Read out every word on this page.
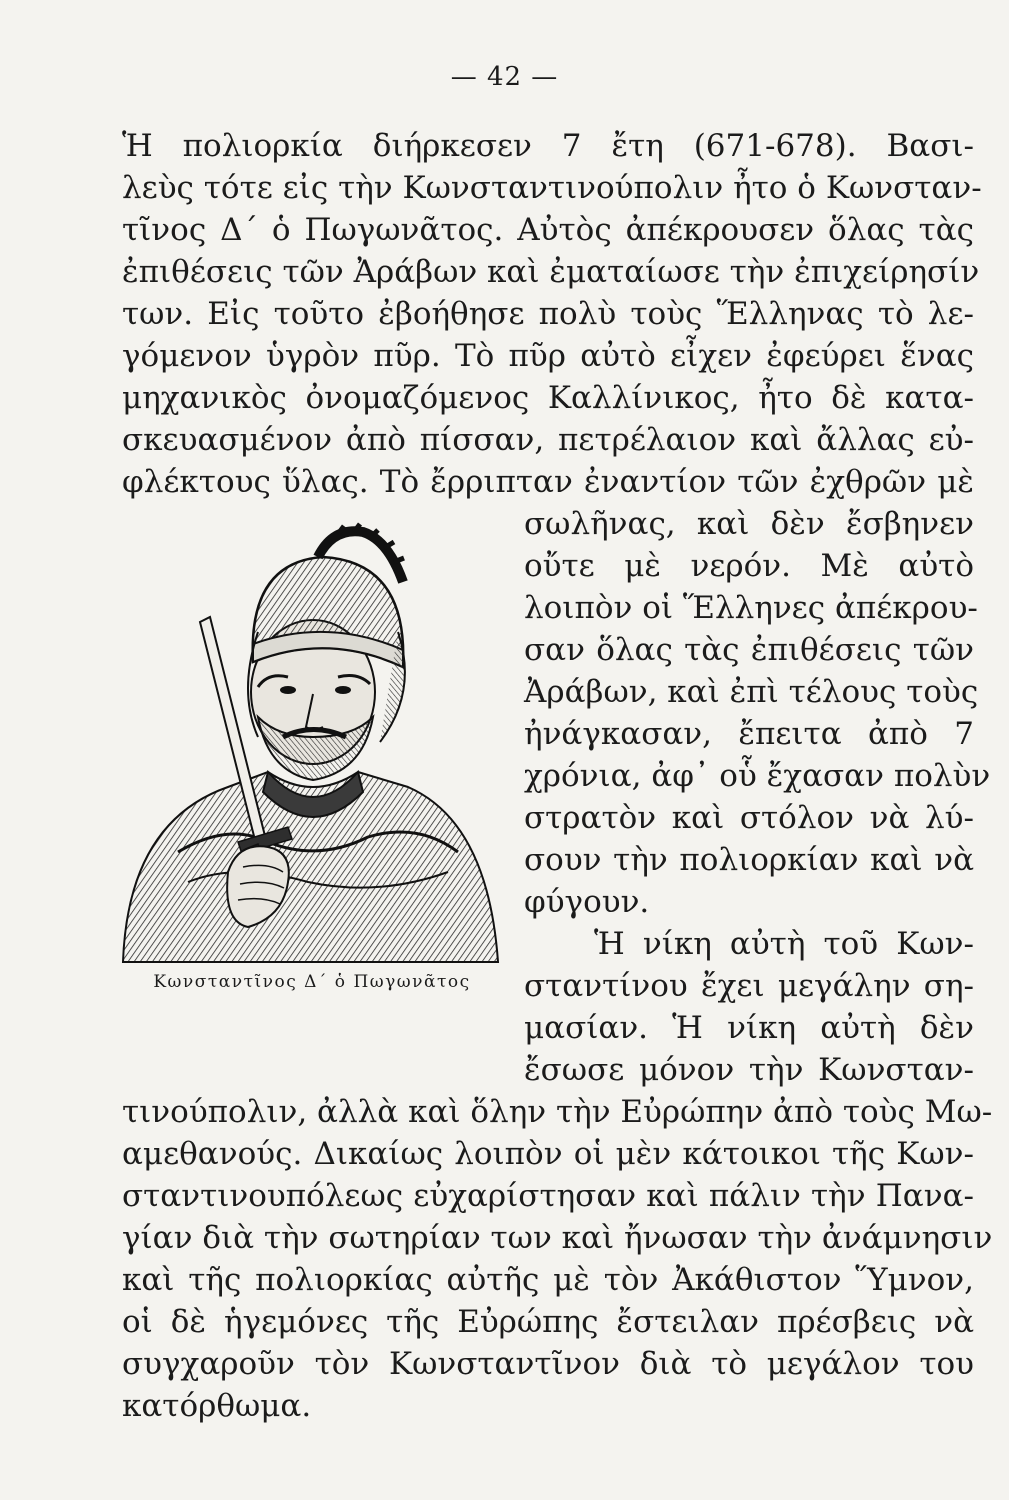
— 42 —
Ἡ πολιορκία διήρκεσεν 7 ἔτη (671-678). Βασι-
λεὺς τότε εἰς τὴν Κωνσταντινούπολιν ἦτο ὁ Κωνσταν-
τῖνος Δ΄ ὁ Πωγωνᾶτος. Αὐτὸς ἀπέκρουσεν ὅλας τὰς
ἐπιθέσεις τῶν Ἀράβων καὶ ἐματαίωσε τὴν ἐπιχείρησίν
των. Εἰς τοῦτο ἐβοήθησε πολὺ τοὺς Ἕλληνας τὸ λε-
γόμενον ὑγρὸν πῦρ. Τὸ πῦρ αὐτὸ εἶχεν ἐφεύρει ἕνας
μηχανικὸς ὀνομαζόμενος Καλλίνικος, ἦτο δὲ κατα-
σκευασμένον ἀπὸ πίσσαν, πετρέλαιον καὶ ἄλλας εὐ-
φλέκτους ὕλας. Τὸ ἔρριπταν ἐναντίον τῶν ἐχθρῶν μὲ
σωλῆνας, καὶ δὲν ἔσβηνεν
οὔτε μὲ νερόν. Μὲ αὐτὸ
λοιπὸν οἱ Ἕλληνες ἀπέκρου-
σαν ὅλας τὰς ἐπιθέσεις τῶν
Ἀράβων, καὶ ἐπὶ τέλους τοὺς
ἠνάγκασαν, ἔπειτα ἀπὸ 7
χρόνια, ἀφ᾽ οὗ ἔχασαν πολὺν
στρατὸν καὶ στόλον νὰ λύ-
σουν τὴν πολιορκίαν καὶ νὰ
φύγουν.
Ἡ νίκη αὐτὴ τοῦ Κων-
σταντίνου ἔχει μεγάλην ση-
μασίαν. Ἡ νίκη αὐτὴ δὲν
ἔσωσε μόνον τὴν Κωνσταν-
τινούπολιν, ἀλλὰ καὶ ὅλην τὴν Εὐρώπην ἀπὸ τοὺς Μω-
αμεθανούς. Δικαίως λοιπὸν οἱ μὲν κάτοικοι τῆς Κων-
σταντινουπόλεως εὐχαρίστησαν καὶ πάλιν τὴν Πανα-
γίαν διὰ τὴν σωτηρίαν των καὶ ἤνωσαν τὴν ἀνάμνησιν
καὶ τῆς πολιορκίας αὐτῆς μὲ τὸν Ἀκάθιστον Ὕμνον,
οἱ δὲ ἡγεμόνες τῆς Εὐρώπης ἔστειλαν πρέσβεις νὰ
συγχαροῦν τὸν Κωνσταντῖνον διὰ τὸ μεγάλον του
κατόρθωμα.
Κωνσταντῖνος Δ΄ ὁ Πωγωνᾶτος
